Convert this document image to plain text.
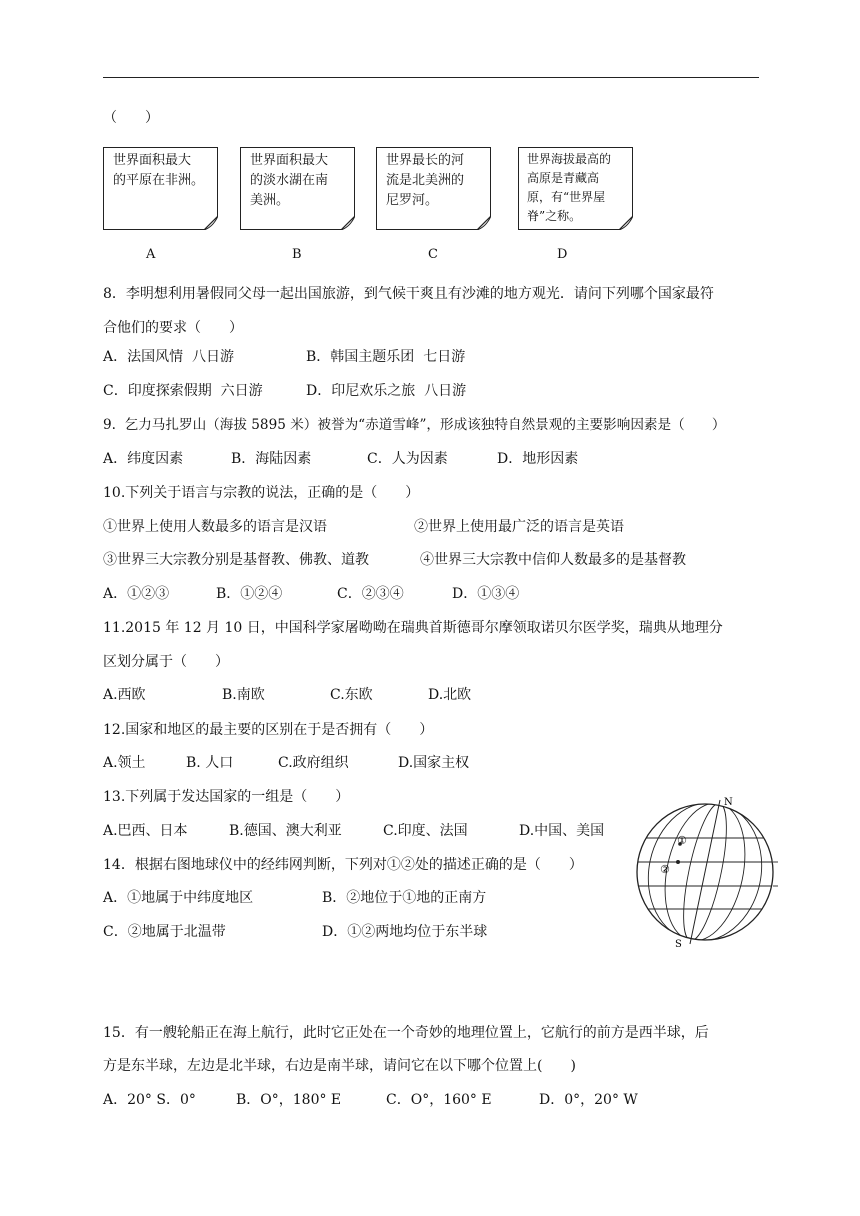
（　　）
世界面积最大
的平原在非洲。
世界面积最大
的淡水湖在南
美洲。
世界最长的河
流是北美洲的
尼罗河。
世界海拔最高的
高原是青藏高
原，有“世界屋
脊”之称。
A	B	C	D
8．李明想利用暑假同父母一起出国旅游，到气候干爽且有沙滩的地方观光．请问下列哪个国家最符
合他们的要求（　　）
A．法国风情  八日游	B．韩国主题乐团  七日游
C．印度探索假期  六日游	D．印尼欢乐之旅  八日游
9.  乞力马扎罗山（海拔 5895 米）被誉为“赤道雪峰”，形成该独特自然景观的主要影响因素是（　　）
A．纬度因素	B．海陆因素	C．人为因素	D．地形因素
10.下列关于语言与宗教的说法，正确的是（　　）
①世界上使用人数最多的语言是汉语	②世界上使用最广泛的语言是英语
③世界三大宗教分别是基督教、佛教、道教	④世界三大宗教中信仰人数最多的是基督教
A．①②③	B．①②④	C．②③④	D．①③④
11.2015 年 12 月 10 日，中国科学家屠呦呦在瑞典首斯德哥尔摩领取诺贝尔医学奖，瑞典从地理分
区划分属于（　　）
A.西欧	B.南欧	C.东欧	D.北欧
12.国家和地区的最主要的区别在于是否拥有（　　）
A.领土	B. 人口	C.政府组织	D.国家主权
13.下列属于发达国家的一组是（　　）
A.巴西、日本	B.德国、澳大利亚	C.印度、法国	D.中国、美国
14．根据右图地球仪中的经纬网判断，下列对①②处的描述正确的是（　　）
A．①地属于中纬度地区	B．②地位于①地的正南方
C．②地属于北温带	D．①②两地均位于东半球
N
S
①
②
15．有一艘轮船正在海上航行，此时它正处在一个奇妙的地理位置上，它航行的前方是西半球，后
方是东半球，左边是北半球，右边是南半球，请问它在以下哪个位置上(　　)
A．20° S．0°	B．O°，180° E	C．O°，160° E	D．0°，20° W
